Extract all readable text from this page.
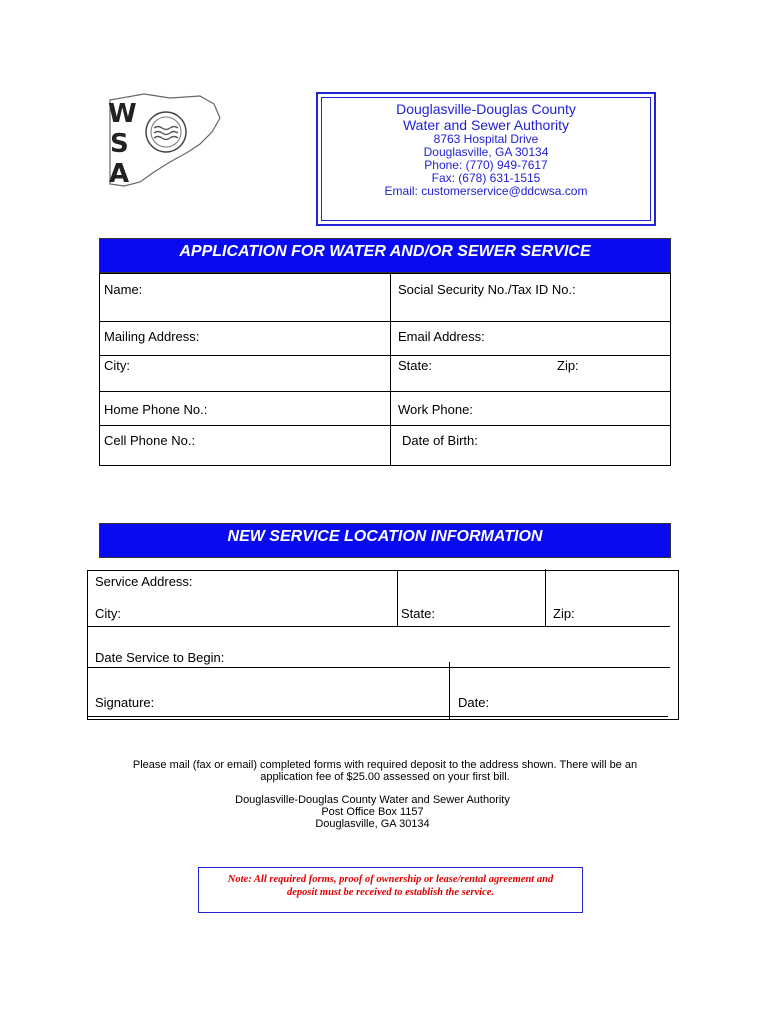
W
S
A
Douglasville-Douglas County
Water and Sewer Authority
8763 Hospital Drive
Douglasville, GA 30134
Phone: (770) 949-7617
Fax: (678) 631-1515
Email: customerservice@ddcwsa.com
APPLICATION FOR WATER AND/OR SEWER SERVICE
Name:	Social Security No./Tax ID No.:
Mailing Address:	Email Address:
City:	State:	Zip:
Home Phone No.:	Work Phone:
Cell Phone No.:	Date of Birth:
NEW SERVICE LOCATION INFORMATION
Service Address:
City:	State:	Zip:
Date Service to Begin:
Signature:	Date:
Please mail (fax or email) completed forms with required deposit to the address shown. There will be an
application fee of $25.00 assessed on your first bill.
Douglasville-Douglas County Water and Sewer Authority
Post Office Box 1157
Douglasville, GA 30134
Note: All required forms, proof of ownership or lease/rental agreement and
deposit must be received to establish the service.
